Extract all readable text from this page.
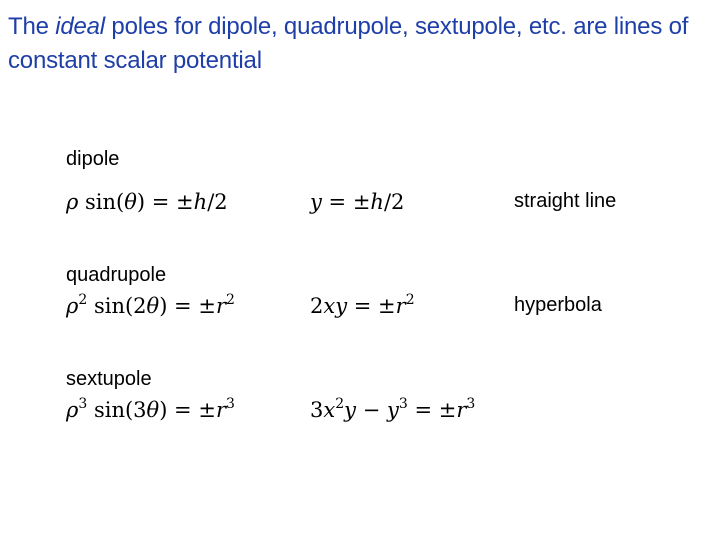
The ideal poles for dipole, quadrupole, sextupole, etc. are lines of constant scalar potential
dipole
ρ sin(θ) = ±h/2	y = ±h/2	straight line
quadrupole
$\rho^2$ $\sin(2\theta) = \pm r^2$	$2xy = \pm r^2$	hyperbola
sextupole
$\rho^3$ $\sin(3\theta) = \pm r^3$	$3x^2y - y^3 = \pm r^3$
